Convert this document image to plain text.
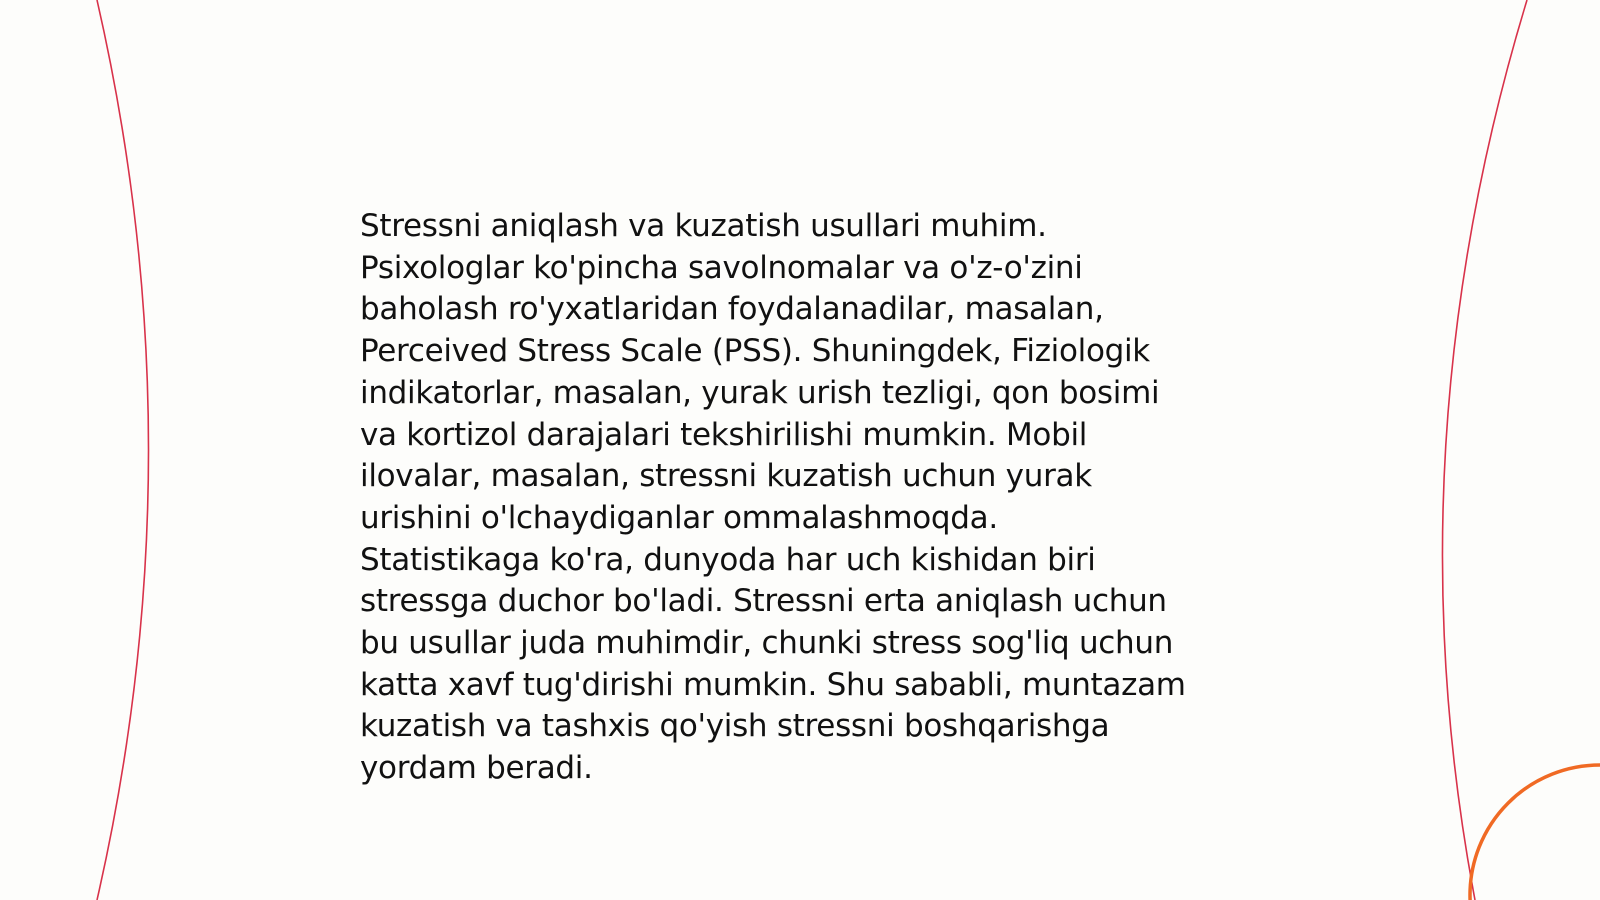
Stressni aniqlash va kuzatish usullari muhim.
Psixologlar ko'pincha savolnomalar va o'z-o'zini
baholash ro'yxatlaridan foydalanadilar, masalan,
Perceived Stress Scale (PSS). Shuningdek, Fiziologik
indikatorlar, masalan, yurak urish tezligi, qon bosimi
va kortizol darajalari tekshirilishi mumkin. Mobil
ilovalar, masalan, stressni kuzatish uchun yurak
urishini o'lchaydiganlar ommalashmoqda.
Statistikaga ko'ra, dunyoda har uch kishidan biri
stressga duchor bo'ladi. Stressni erta aniqlash uchun
bu usullar juda muhimdir, chunki stress sog'liq uchun
katta xavf tug'dirishi mumkin. Shu sababli, muntazam
kuzatish va tashxis qo'yish stressni boshqarishga
yordam beradi.
